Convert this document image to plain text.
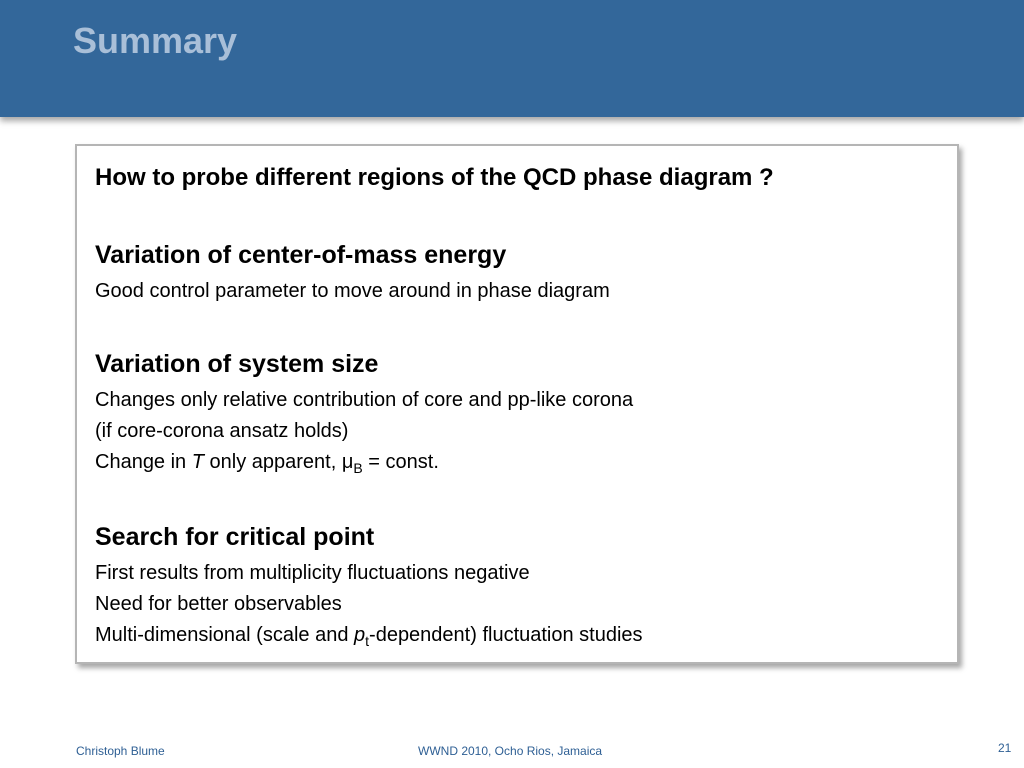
Summary

How to probe different regions of the QCD phase diagram ?

Variation of center-of-mass energy

Good control parameter to move around in phase diagram

Variation of system size

Changes only relative contribution of core and pp-like corona

(if core-corona ansatz holds)

Change in T only apparent, $\mu_B$ = const.

Search for critical point

First results from multiplicity fluctuations negative

Need for better observables

Multi-dimensional (scale and $p_t-dependent$) fluctuation studies

Christoph Blume	WWND 2010, Ocho Rios, Jamaica	21
